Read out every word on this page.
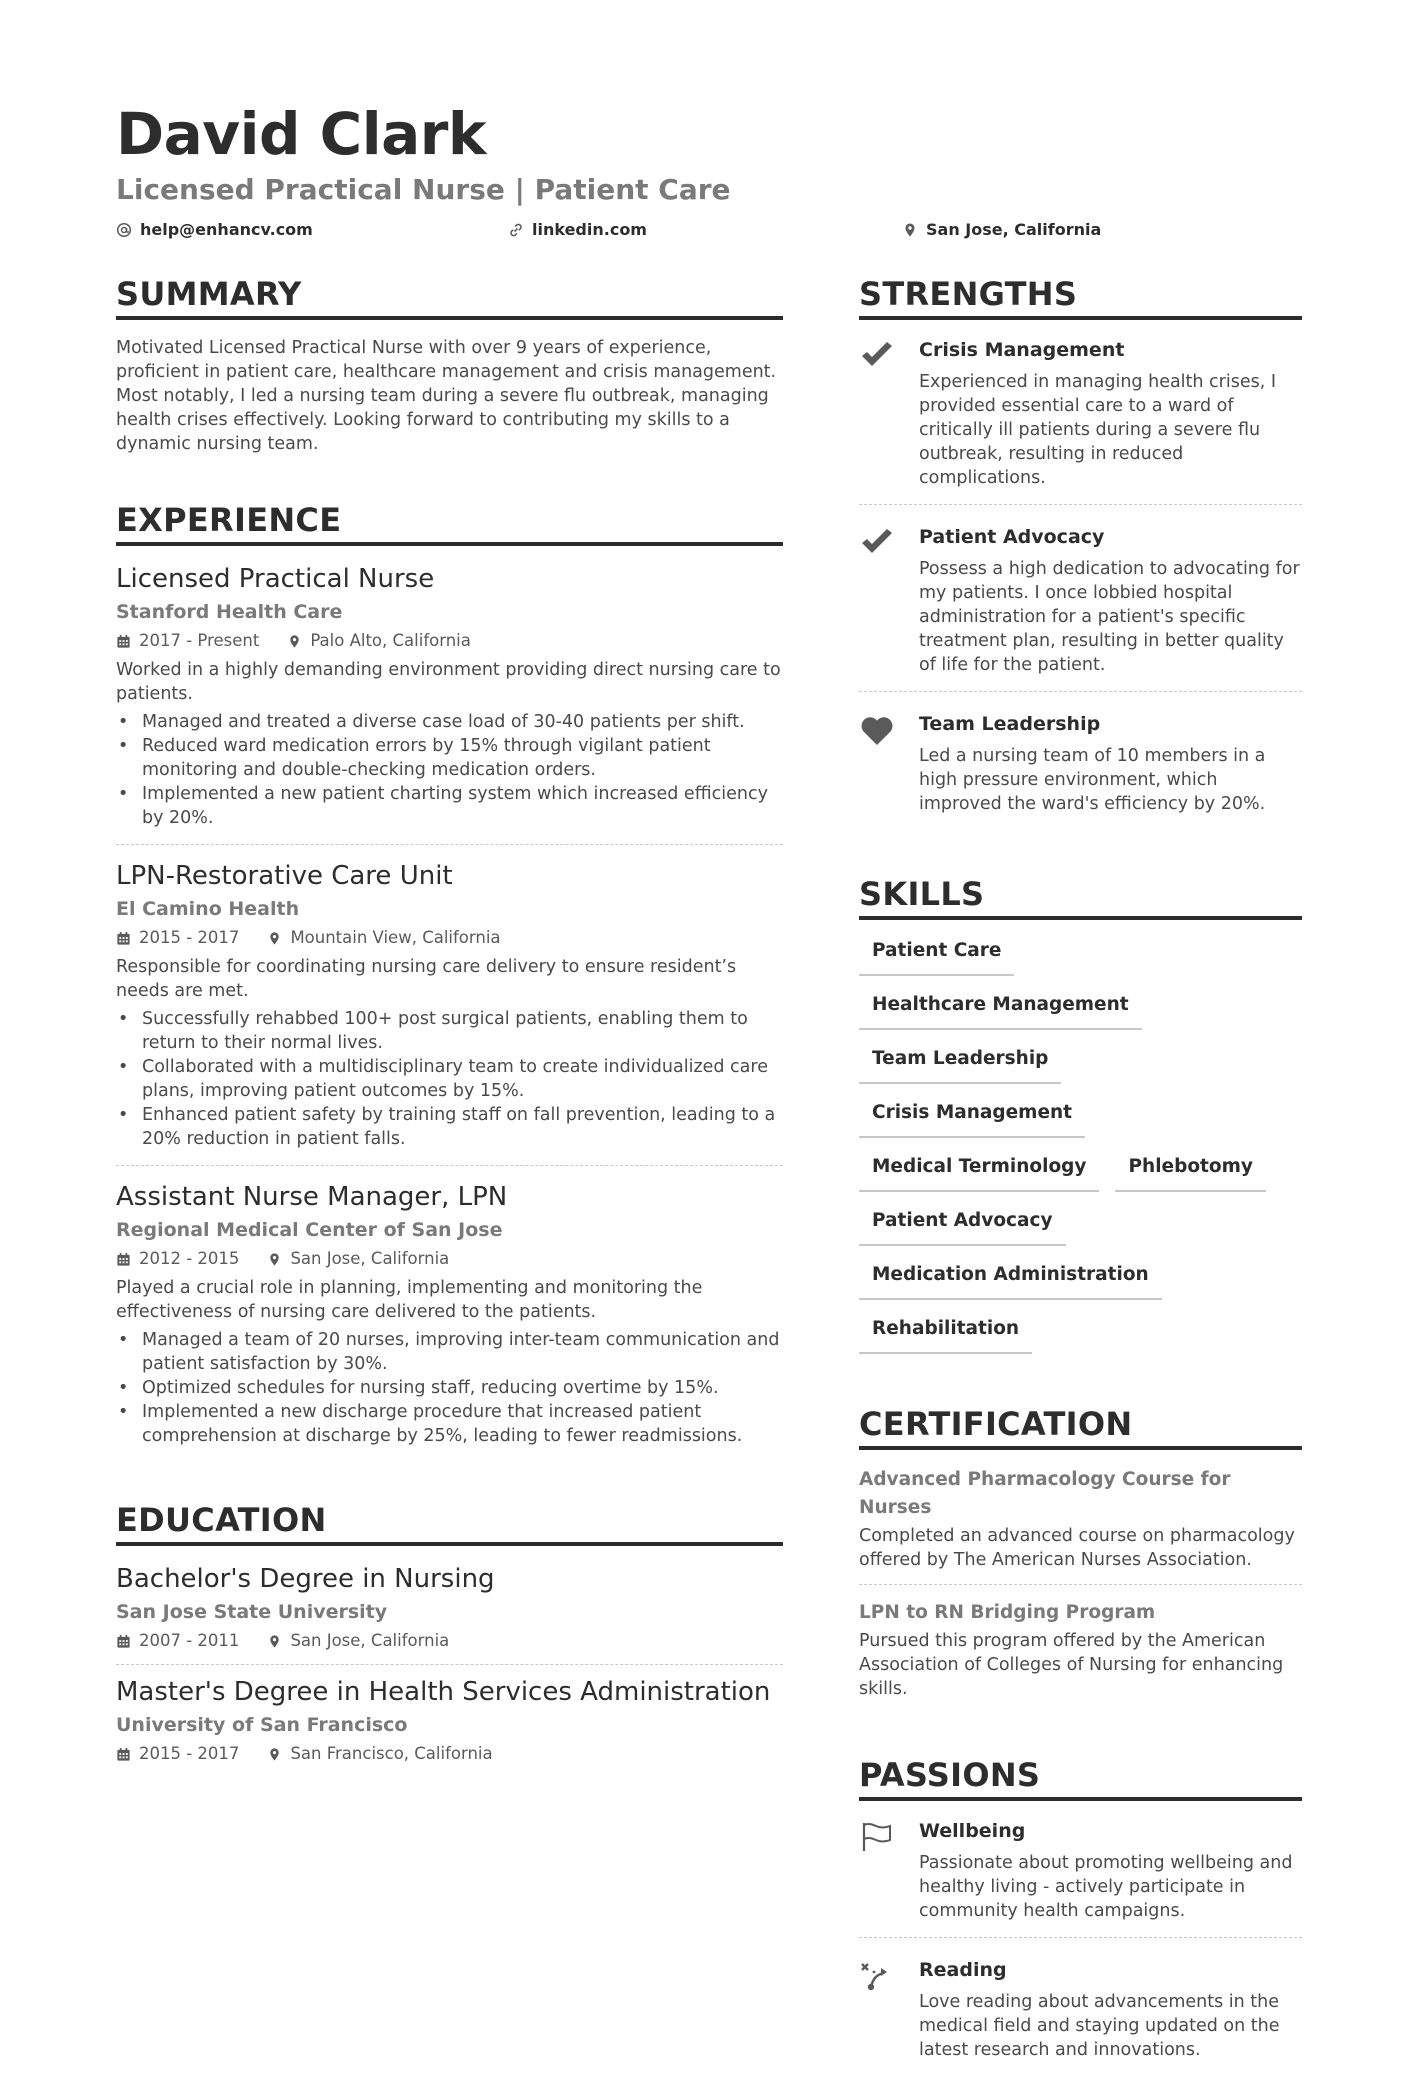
David Clark
Licensed Practical Nurse | Patient Care
help@enhancv.com	linkedin.com	San Jose, California
SUMMARY
Motivated Licensed Practical Nurse with over 9 years of experience, proficient in patient care, healthcare management and crisis management. Most notably, I led a nursing team during a severe flu outbreak, managing health crises effectively. Looking forward to contributing my skills to a dynamic nursing team.
EXPERIENCE
Licensed Practical Nurse
Stanford Health Care
2017 - Present	Palo Alto, California
Worked in a highly demanding environment providing direct nursing care to patients.
• Managed and treated a diverse case load of 30-40 patients per shift.
• Reduced ward medication errors by 15% through vigilant patient monitoring and double-checking medication orders.
• Implemented a new patient charting system which increased efficiency by 20%.
LPN-Restorative Care Unit
El Camino Health
2015 - 2017	Mountain View, California
Responsible for coordinating nursing care delivery to ensure resident’s needs are met.
• Successfully rehabbed 100+ post surgical patients, enabling them to return to their normal lives.
• Collaborated with a multidisciplinary team to create individualized care plans, improving patient outcomes by 15%.
• Enhanced patient safety by training staff on fall prevention, leading to a 20% reduction in patient falls.
Assistant Nurse Manager, LPN
Regional Medical Center of San Jose
2012 - 2015	San Jose, California
Played a crucial role in planning, implementing and monitoring the effectiveness of nursing care delivered to the patients.
• Managed a team of 20 nurses, improving inter-team communication and patient satisfaction by 30%.
• Optimized schedules for nursing staff, reducing overtime by 15%.
• Implemented a new discharge procedure that increased patient comprehension at discharge by 25%, leading to fewer readmissions.
EDUCATION
Bachelor's Degree in Nursing
San Jose State University
2007 - 2011	San Jose, California
Master's Degree in Health Services Administration
University of San Francisco
2015 - 2017	San Francisco, California
STRENGTHS
Crisis Management
Experienced in managing health crises, I provided essential care to a ward of critically ill patients during a severe flu outbreak, resulting in reduced complications.
Patient Advocacy
Possess a high dedication to advocating for my patients. I once lobbied hospital administration for a patient's specific treatment plan, resulting in better quality of life for the patient.
Team Leadership
Led a nursing team of 10 members in a high pressure environment, which improved the ward's efficiency by 20%.
SKILLS
Patient Care
Healthcare Management
Team Leadership
Crisis Management
Medical Terminology	Phlebotomy
Patient Advocacy
Medication Administration
Rehabilitation
CERTIFICATION
Advanced Pharmacology Course for Nurses
Completed an advanced course on pharmacology offered by The American Nurses Association.
LPN to RN Bridging Program
Pursued this program offered by the American Association of Colleges of Nursing for enhancing skills.
PASSIONS
Wellbeing
Passionate about promoting wellbeing and healthy living - actively participate in community health campaigns.
Reading
Love reading about advancements in the medical field and staying updated on the latest research and innovations.
